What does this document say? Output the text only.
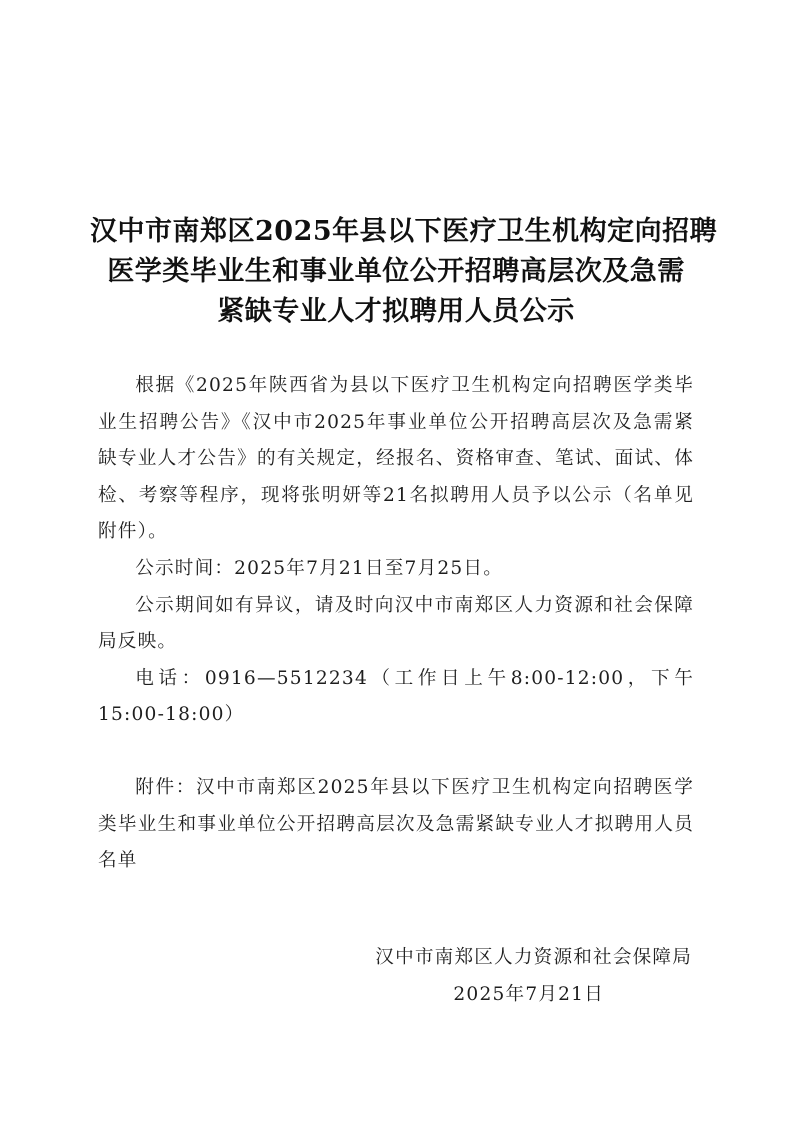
汉中市南郑区2025年县以下医疗卫生机构定向招聘
医学类毕业生和事业单位公开招聘高层次及急需
紧缺专业人才拟聘用人员公示

根据《2025年陕西省为县以下医疗卫生机构定向招聘医学类毕业生招聘公告》《汉中市2025年事业单位公开招聘高层次及急需紧缺专业人才公告》的有关规定，经报名、资格审查、笔试、面试、体检、考察等程序，现将张明妍等21名拟聘用人员予以公示（名单见附件）。

公示时间：2025年7月21日至7月25日。

公示期间如有异议，请及时向汉中市南郑区人力资源和社会保障局反映。

电话：0916—5512234（工作日上午8:00-12:00，下午15:00-18:00）

附件：汉中市南郑区2025年县以下医疗卫生机构定向招聘医学类毕业生和事业单位公开招聘高层次及急需紧缺专业人才拟聘用人员名单

汉中市南郑区人力资源和社会保障局
2025年7月21日
